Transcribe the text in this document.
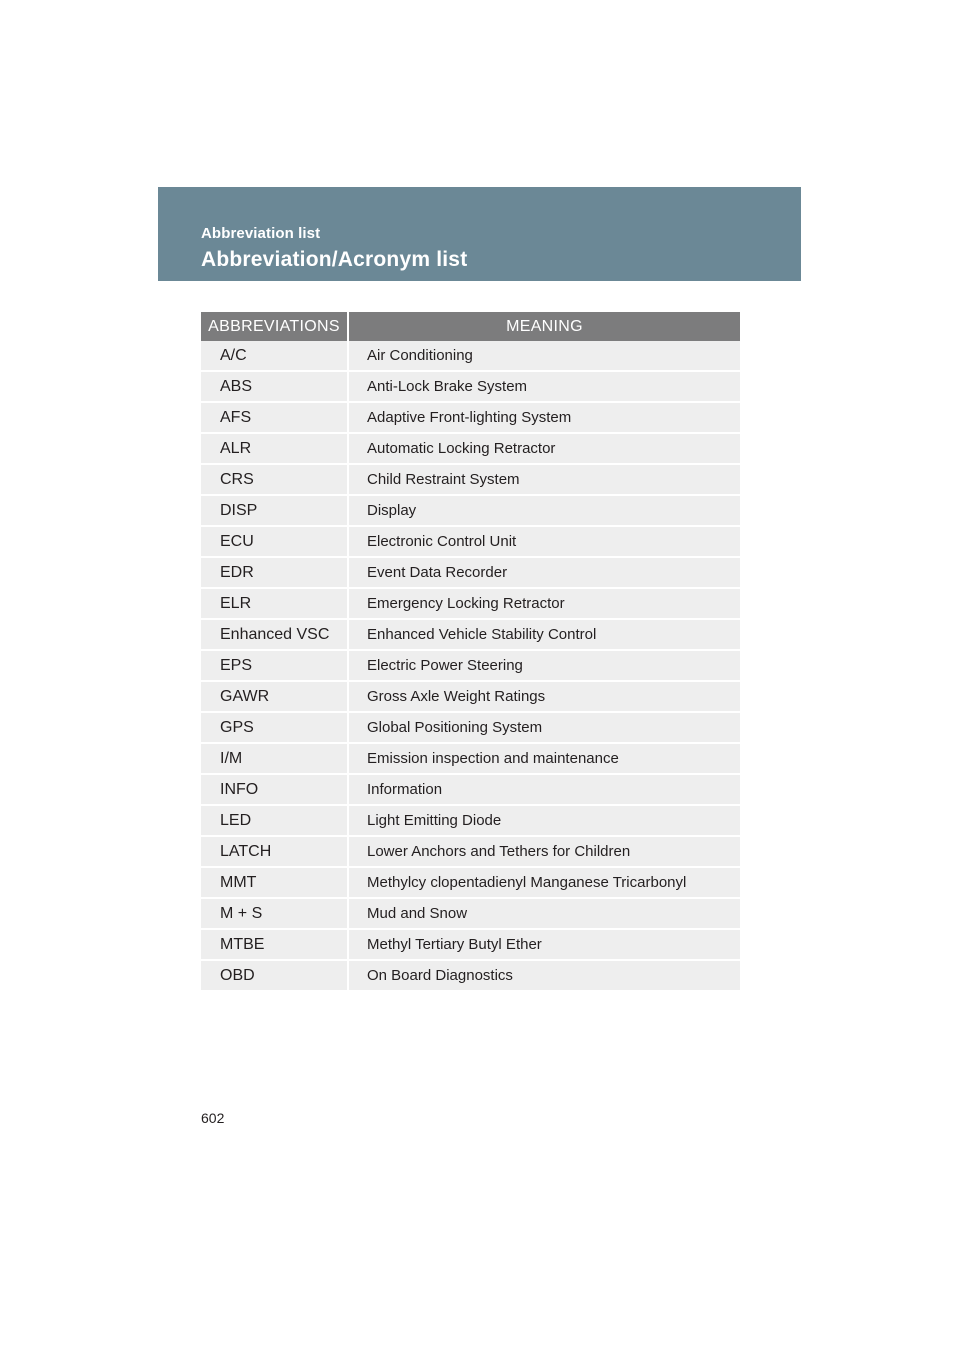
Abbreviation list
Abbreviation/Acronym list
ABBREVIATIONS	MEANING
A/C	Air Conditioning
ABS	Anti-Lock Brake System
AFS	Adaptive Front-lighting System
ALR	Automatic Locking Retractor
CRS	Child Restraint System
DISP	Display
ECU	Electronic Control Unit
EDR	Event Data Recorder
ELR	Emergency Locking Retractor
Enhanced VSC	Enhanced Vehicle Stability Control
EPS	Electric Power Steering
GAWR	Gross Axle Weight Ratings
GPS	Global Positioning System
I/M	Emission inspection and maintenance
INFO	Information
LED	Light Emitting Diode
LATCH	Lower Anchors and Tethers for Children
MMT	Methylcy clopentadienyl Manganese Tricarbonyl
M + S	Mud and Snow
MTBE	Methyl Tertiary Butyl Ether
OBD	On Board Diagnostics
602
